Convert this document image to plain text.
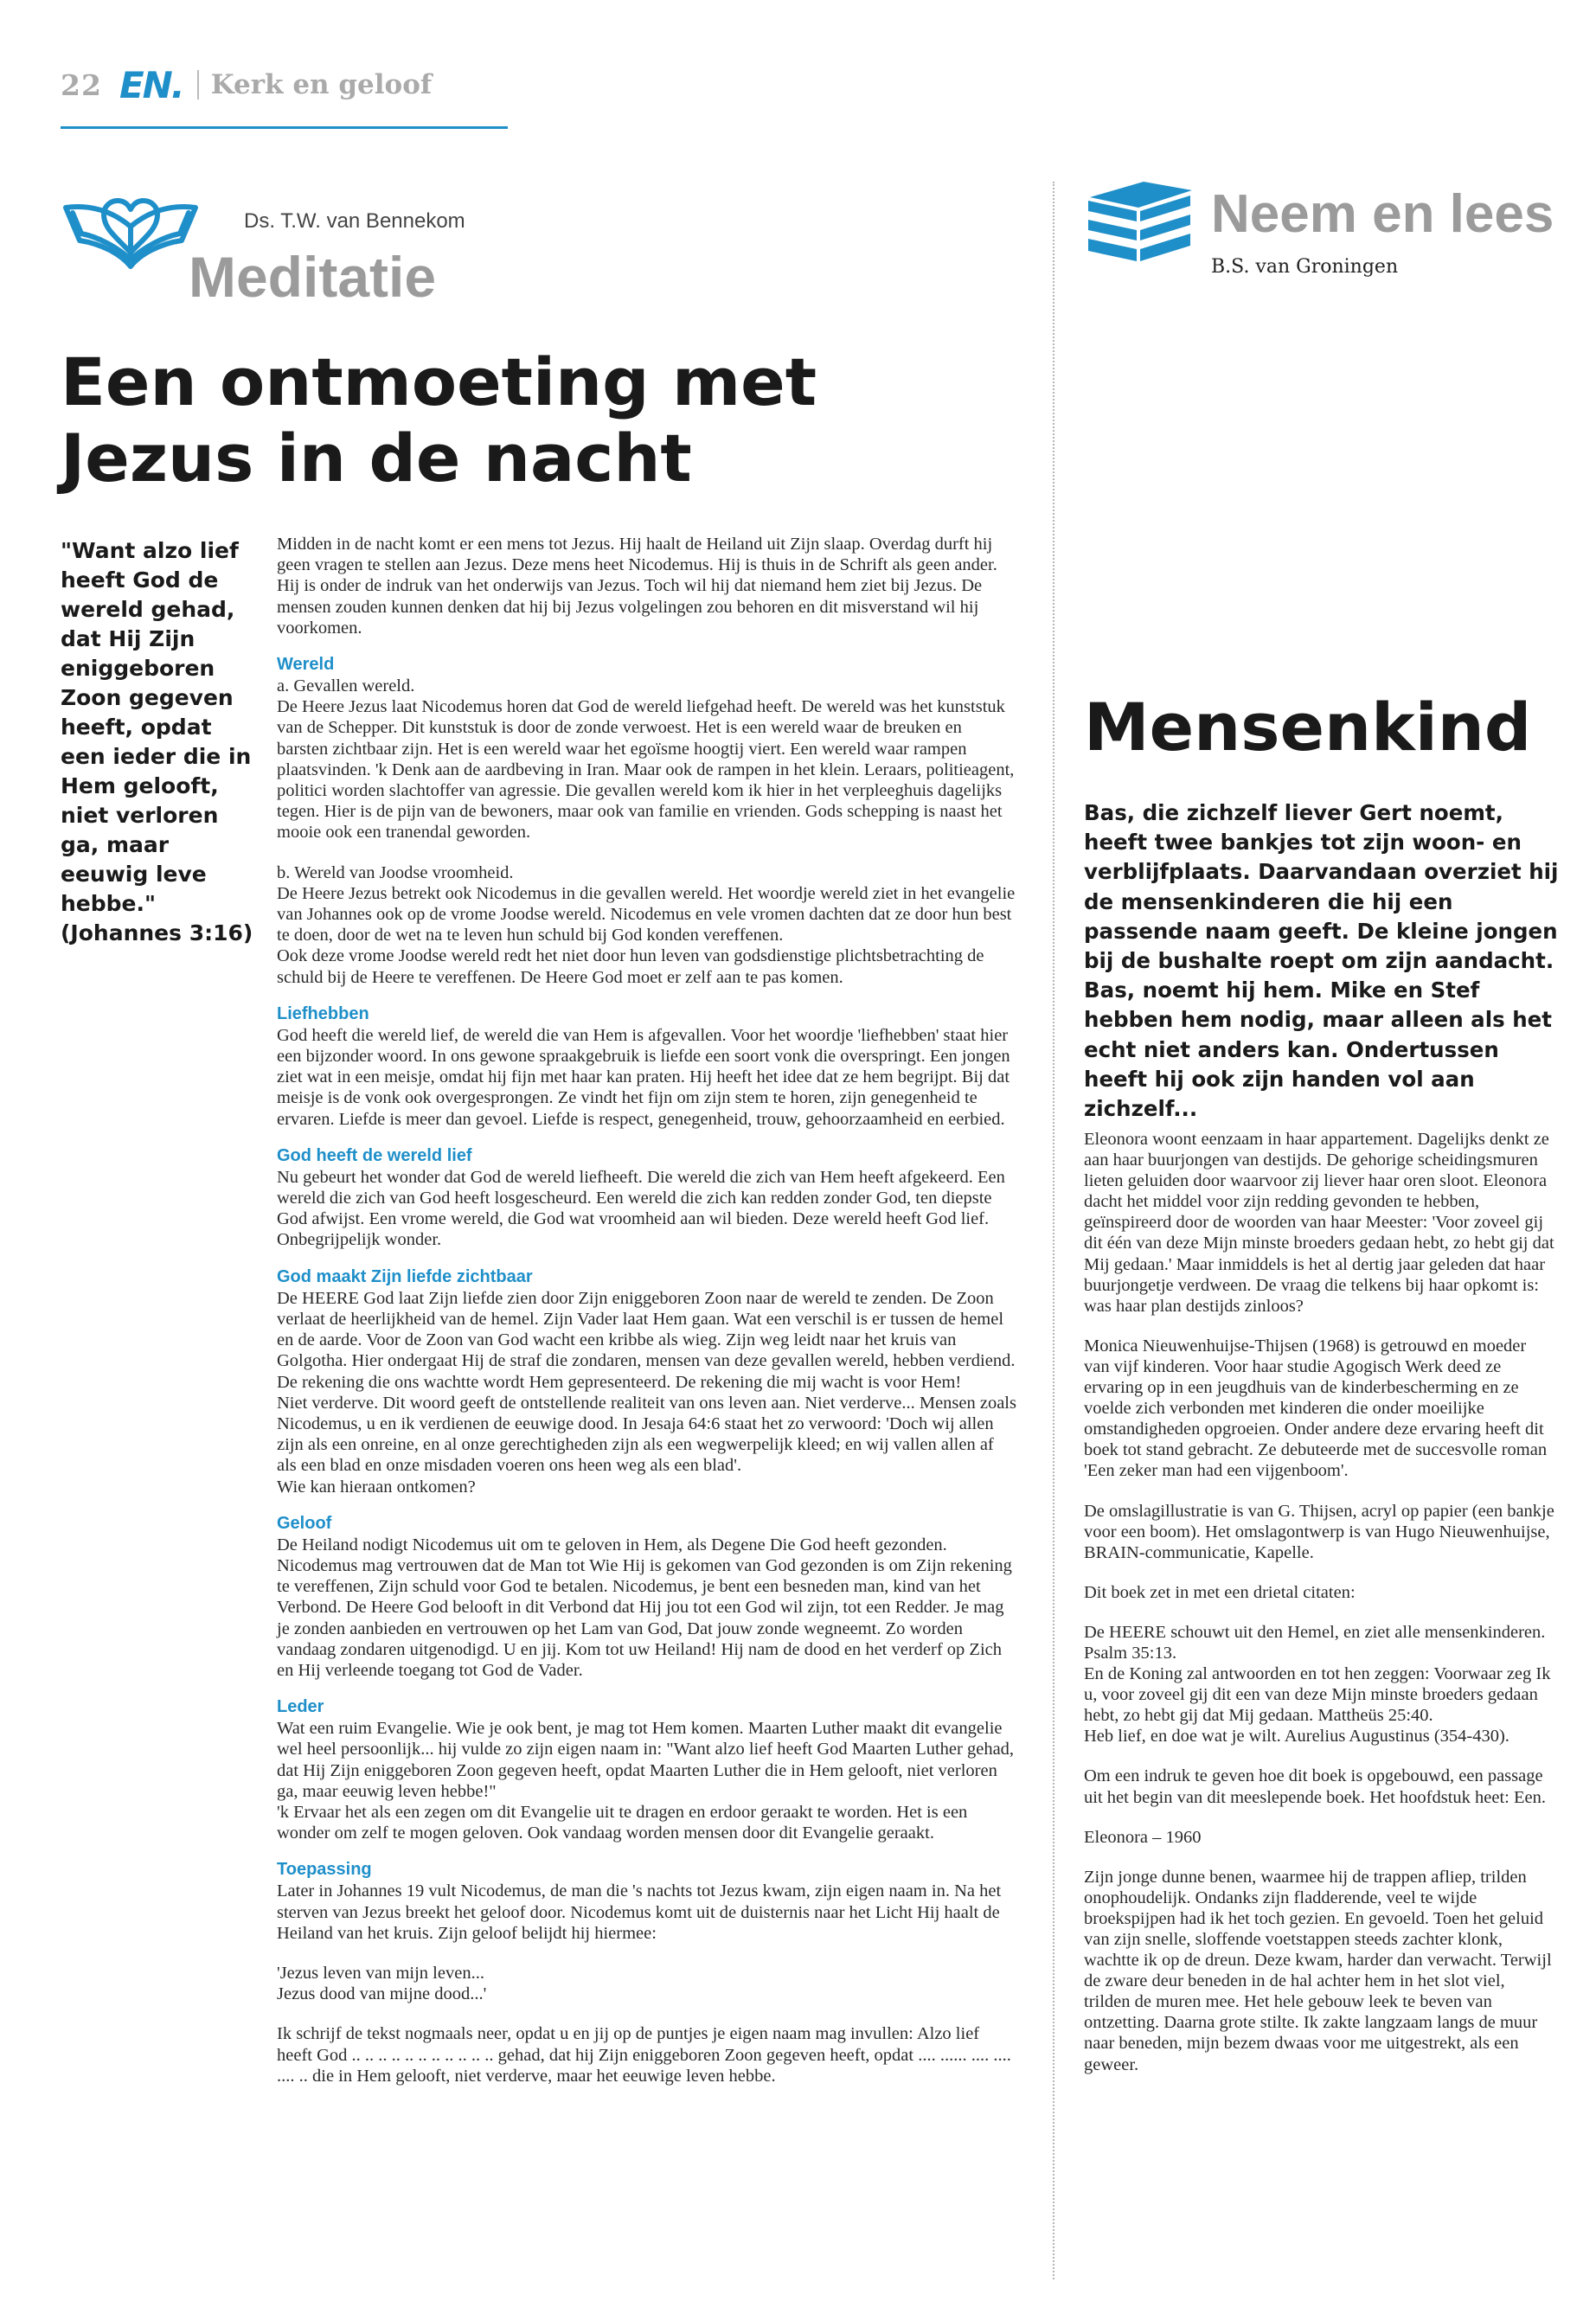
22 EN. Kerk en geloof
Ds. T.W. van Bennekom
Meditatie
Een ontmoeting met Jezus in de nacht
"Want alzo lief heeft God de wereld gehad, dat Hij Zijn eniggeboren Zoon gegeven heeft, opdat een ieder die in Hem gelooft, niet verloren ga, maar eeuwig leve hebbe." (Johannes 3:16)

Midden in de nacht komt er een mens tot Jezus. Hij haalt de Heiland uit Zijn slaap. Overdag durft hij geen vragen te stellen aan Jezus. Deze mens heet Nicodemus. Hij is thuis in de Schrift als geen ander. Hij is onder de indruk van het onderwijs van Jezus. Toch wil hij dat niemand hem ziet bij Jezus. De mensen zouden kunnen denken dat hij bij Jezus volgelingen zou behoren en dit misverstand wil hij voorkomen.

Wereld

a. Gevallen wereld.
De Heere Jezus laat Nicodemus horen dat God de wereld liefgehad heeft. De wereld was het kunststuk van de Schepper. Dit kunststuk is door de zonde verwoest. Het is een wereld waar de breuken en barsten zichtbaar zijn. Het is een wereld waar het egoïsme hoogtij viert. Een wereld waar rampen plaatsvinden. 'k Denk aan de aardbeving in Iran. Maar ook de rampen in het klein. Leraars, politieagent, politici worden slachtoffer van agressie. Die gevallen wereld kom ik hier in het verpleeghuis dagelijks tegen. Hier is de pijn van de bewoners, maar ook van familie en vrienden. Gods schepping is naast het mooie ook een tranendal geworden.

b. Wereld van Joodse vroomheid.
De Heere Jezus betrekt ook Nicodemus in die gevallen wereld. Het woordje wereld ziet in het evangelie van Johannes ook op de vrome Joodse wereld. Nicodemus en vele vromen dachten dat ze door hun best te doen, door de wet na te leven hun schuld bij God konden vereffenen.
Ook deze vrome Joodse wereld redt het niet door hun leven van godsdienstige plichtsbetrachting de schuld bij de Heere te vereffenen. De Heere God moet er zelf aan te pas komen.

Liefhebben

God heeft die wereld lief, de wereld die van Hem is afgevallen. Voor het woordje 'liefhebben' staat hier een bijzonder woord. In ons gewone spraakgebruik is liefde een soort vonk die overspringt. Een jongen ziet wat in een meisje, omdat hij fijn met haar kan praten. Hij heeft het idee dat ze hem begrijpt. Bij dat meisje is de vonk ook overgesprongen. Ze vindt het fijn om zijn stem te horen, zijn genegenheid te ervaren. Liefde is meer dan gevoel. Liefde is respect, genegenheid, trouw, gehoorzaamheid en eerbied.

God heeft de wereld lief

Nu gebeurt het wonder dat God de wereld liefheeft. Die wereld die zich van Hem heeft afgekeerd. Een wereld die zich van God heeft losgescheurd. Een wereld die zich kan redden zonder God, ten diepste God afwijst. Een vrome wereld, die God wat vroomheid aan wil bieden. Deze wereld heeft God lief. Onbegrijpelijk wonder.

God maakt Zijn liefde zichtbaar

De HEERE God laat Zijn liefde zien door Zijn eniggeboren Zoon naar de wereld te zenden. De Zoon verlaat de heerlijkheid van de hemel. Zijn Vader laat Hem gaan. Wat een verschil is er tussen de hemel en de aarde. Voor de Zoon van God wacht een kribbe als wieg. Zijn weg leidt naar het kruis van Golgotha. Hier ondergaat Hij de straf die zondaren, mensen van deze gevallen wereld, hebben verdiend. De rekening die ons wachtte wordt Hem gepresenteerd. De rekening die mij wacht is voor Hem!
Niet verderve. Dit woord geeft de ontstellende realiteit van ons leven aan. Niet verderve... Mensen zoals Nicodemus, u en ik verdienen de eeuwige dood. In Jesaja 64:6 staat het zo verwoord: 'Doch wij allen zijn als een onreine, en al onze gerechtigheden zijn als een wegwerpelijk kleed; en wij vallen allen af als een blad en onze misdaden voeren ons heen weg als een blad'.
Wie kan hieraan ontkomen?

Geloof

De Heiland nodigt Nicodemus uit om te geloven in Hem, als Degene Die God heeft gezonden. Nicodemus mag vertrouwen dat de Man tot Wie Hij is gekomen van God gezonden is om Zijn rekening te vereffenen, Zijn schuld voor God te betalen. Nicodemus, je bent een besneden man, kind van het Verbond. De Heere God belooft in dit Verbond dat Hij jou tot een God wil zijn, tot een Redder. Je mag je zonden aanbieden en vertrouwen op het Lam van God, Dat jouw zonde wegneemt. Zo worden vandaag zondaren uitgenodigd. U en jij. Kom tot uw Heiland! Hij nam de dood en het verderf op Zich en Hij verleende toegang tot God de Vader.

Leder

Wat een ruim Evangelie. Wie je ook bent, je mag tot Hem komen. Maarten Luther maakt dit evangelie wel heel persoonlijk... hij vulde zo zijn eigen naam in: "Want alzo lief heeft God Maarten Luther gehad, dat Hij Zijn eniggeboren Zoon gegeven heeft, opdat Maarten Luther die in Hem gelooft, niet verloren ga, maar eeuwig leven hebbe!"
'k Ervaar het als een zegen om dit Evangelie uit te dragen en erdoor geraakt te worden. Het is een wonder om zelf te mogen geloven. Ook vandaag worden mensen door dit Evangelie geraakt.

Toepassing

Later in Johannes 19 vult Nicodemus, de man die 's nachts tot Jezus kwam, zijn eigen naam in. Na het sterven van Jezus breekt het geloof door. Nicodemus komt uit de duisternis naar het Licht Hij haalt de Heiland van het kruis. Zijn geloof belijdt hij hiermee:

'Jezus leven van mijn leven...
Jezus dood van mijne dood...'

Ik schrijf de tekst nogmaals neer, opdat u en jij op de puntjes je eigen naam mag invullen: Alzo lief heeft God .. .. .. .. .. .. .. .. .. .. .. gehad, dat hij Zijn eniggeboren Zoon gegeven heeft, opdat .... ...... .... .... .... .. die in Hem gelooft, niet verderve, maar het eeuwige leven hebbe.

Neem en lees
B.S. van Groningen
Mensenkind
Bas, die zichzelf liever Gert noemt, heeft twee bankjes tot zijn woon- en verblijfplaats. Daarvandaan overziet hij de mensenkinderen die hij een passende naam geeft. De kleine jongen bij de bushalte roept om zijn aandacht. Bas, noemt hij hem. Mike en Stef hebben hem nodig, maar alleen als het echt niet anders kan. Ondertussen heeft hij ook zijn handen vol aan zichzelf...

Eleonora woont eenzaam in haar appartement. Dagelijks denkt ze aan haar buurjongen van destijds. De gehorige scheidingsmuren lieten geluiden door waarvoor zij liever haar oren sloot. Eleonora dacht het middel voor zijn redding gevonden te hebben, geïnspireerd door de woorden van haar Meester: 'Voor zoveel gij dit één van deze Mijn minste broeders gedaan hebt, zo hebt gij dat Mij gedaan.' Maar inmiddels is het al dertig jaar geleden dat haar buurjongetje verdween. De vraag die telkens bij haar opkomt is: was haar plan destijds zinloos?

Monica Nieuwenhuijse-Thijsen (1968) is getrouwd en moeder van vijf kinderen. Voor haar studie Agogisch Werk deed ze ervaring op in een jeugdhuis van de kinderbescherming en ze voelde zich verbonden met kinderen die onder moeilijke omstandigheden opgroeien. Onder andere deze ervaring heeft dit boek tot stand gebracht. Ze debuteerde met de succesvolle roman 'Een zeker man had een vijgenboom'.

De omslagillustratie is van G. Thijsen, acryl op papier (een bankje voor een boom). Het omslagontwerp is van Hugo Nieuwenhuijse, BRAIN-communicatie, Kapelle.

Dit boek zet in met een drietal citaten:

De HEERE schouwt uit den Hemel, en ziet alle mensenkinderen. Psalm 35:13.
En de Koning zal antwoorden en tot hen zeggen: Voorwaar zeg Ik u, voor zoveel gij dit een van deze Mijn minste broeders gedaan hebt, zo hebt gij dat Mij gedaan. Mattheüs 25:40.
Heb lief, en doe wat je wilt. Aurelius Augustinus (354-430).

Om een indruk te geven hoe dit boek is opgebouwd, een passage uit het begin van dit meeslepende boek. Het hoofdstuk heet: Een.

Eleonora – 1960

Zijn jonge dunne benen, waarmee hij de trappen afliep, trilden onophoudelijk. Ondanks zijn fladderende, veel te wijde broekspijpen had ik het toch gezien. En gevoeld. Toen het geluid van zijn snelle, sloffende voetstappen steeds zachter klonk, wachtte ik op de dreun. Deze kwam, harder dan verwacht. Terwijl de zware deur beneden in de hal achter hem in het slot viel, trilden de muren mee. Het hele gebouw leek te beven van ontzetting. Daarna grote stilte. Ik zakte langzaam langs de muur naar beneden, mijn bezem dwaas voor me uitgestrekt, als een geweer.
